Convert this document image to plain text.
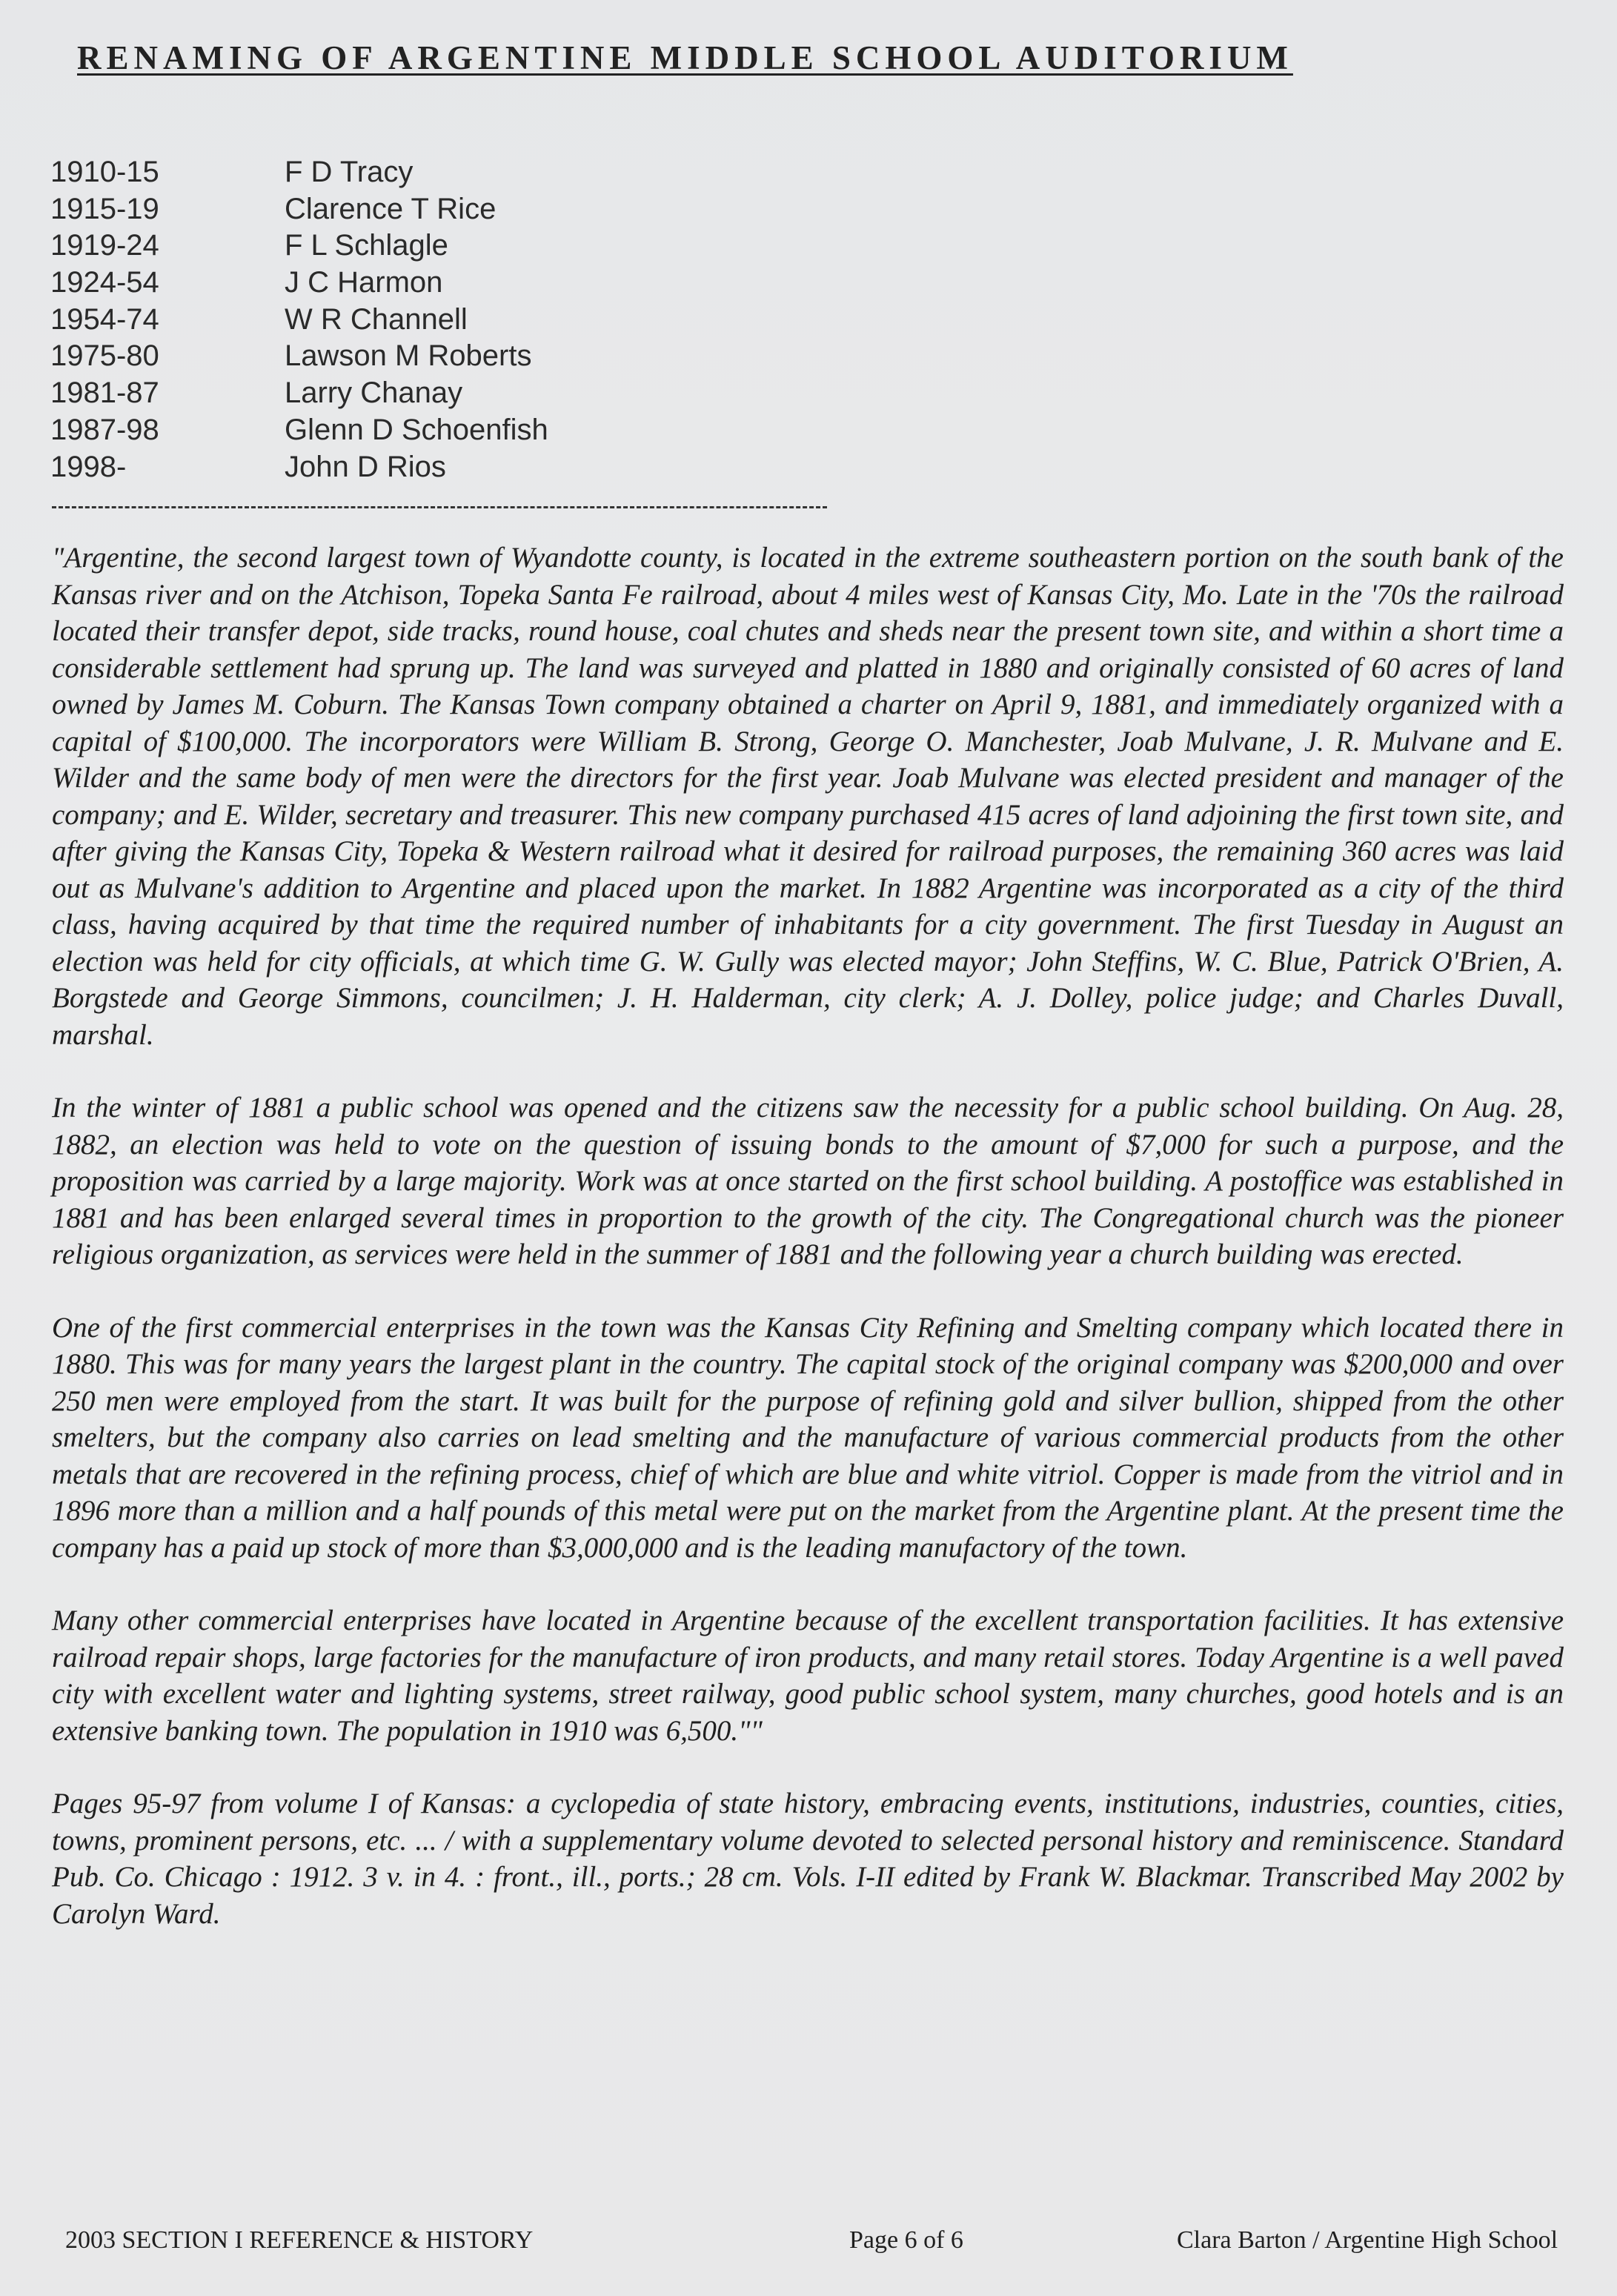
RENAMING OF ARGENTINE MIDDLE SCHOOL AUDITORIUM
1910-15	F D Tracy
1915-19	Clarence T Rice
1919-24	F L Schlagle
1924-54	J C Harmon
1954-74	W R Channell
1975-80	Lawson M Roberts
1981-87	Larry Chanay
1987-98	Glenn D Schoenfish
1998-	John D Rios

"Argentine, the second largest town of Wyandotte county, is located in the extreme southeastern portion on the south bank of the Kansas river and on the Atchison, Topeka Santa Fe railroad, about 4 miles west of Kansas City, Mo. Late in the '70s the railroad located their transfer depot, side tracks, round house, coal chutes and sheds near the present town site, and within a short time a considerable settlement had sprung up. The land was surveyed and platted in 1880 and originally consisted of 60 acres of land owned by James M. Coburn. The Kansas Town company obtained a charter on April 9, 1881, and immediately organized with a capital of $100,000. The incorporators were William B. Strong, George O. Manchester, Joab Mulvane, J. R. Mulvane and E. Wilder and the same body of men were the directors for the first year. Joab Mulvane was elected president and manager of the company; and E. Wilder, secretary and treasurer. This new company purchased 415 acres of land adjoining the first town site, and after giving the Kansas City, Topeka & Western railroad what it desired for railroad purposes, the remaining 360 acres was laid out as Mulvane's addition to Argentine and placed upon the market. In 1882 Argentine was incorporated as a city of the third class, having acquired by that time the required number of inhabitants for a city government. The first Tuesday in August an election was held for city officials, at which time G. W. Gully was elected mayor; John Steffins, W. C. Blue, Patrick O'Brien, A. Borgstede and George Simmons, councilmen; J. H. Halderman, city clerk; A. J. Dolley, police judge; and Charles Duvall, marshal.

In the winter of 1881 a public school was opened and the citizens saw the necessity for a public school building. On Aug. 28, 1882, an election was held to vote on the question of issuing bonds to the amount of $7,000 for such a purpose, and the proposition was carried by a large majority. Work was at once started on the first school building. A postoffice was established in 1881 and has been enlarged several times in proportion to the growth of the city. The Congregational church was the pioneer religious organization, as services were held in the summer of 1881 and the following year a church building was erected.

One of the first commercial enterprises in the town was the Kansas City Refining and Smelting company which located there in 1880. This was for many years the largest plant in the country. The capital stock of the original company was $200,000 and over 250 men were employed from the start. It was built for the purpose of refining gold and silver bullion, shipped from the other smelters, but the company also carries on lead smelting and the manufacture of various commercial products from the other metals that are recovered in the refining process, chief of which are blue and white vitriol. Copper is made from the vitriol and in 1896 more than a million and a half pounds of this metal were put on the market from the Argentine plant. At the present time the company has a paid up stock of more than $3,000,000 and is the leading manufactory of the town.

Many other commercial enterprises have located in Argentine because of the excellent transportation facilities. It has extensive railroad repair shops, large factories for the manufacture of iron products, and many retail stores. Today Argentine is a well paved city with excellent water and lighting systems, street railway, good public school system, many churches, good hotels and is an extensive banking town. The population in 1910 was 6,500.""

Pages 95-97 from volume I of Kansas: a cyclopedia of state history, embracing events, institutions, industries, counties, cities, towns, prominent persons, etc. ... / with a supplementary volume devoted to selected personal history and reminiscence. Standard Pub. Co. Chicago : 1912. 3 v. in 4. : front., ill., ports.; 28 cm. Vols. I-II edited by Frank W. Blackmar. Transcribed May 2002 by Carolyn Ward.

2003 SECTION I REFERENCE & HISTORY	Page 6 of 6	Clara Barton / Argentine High School
